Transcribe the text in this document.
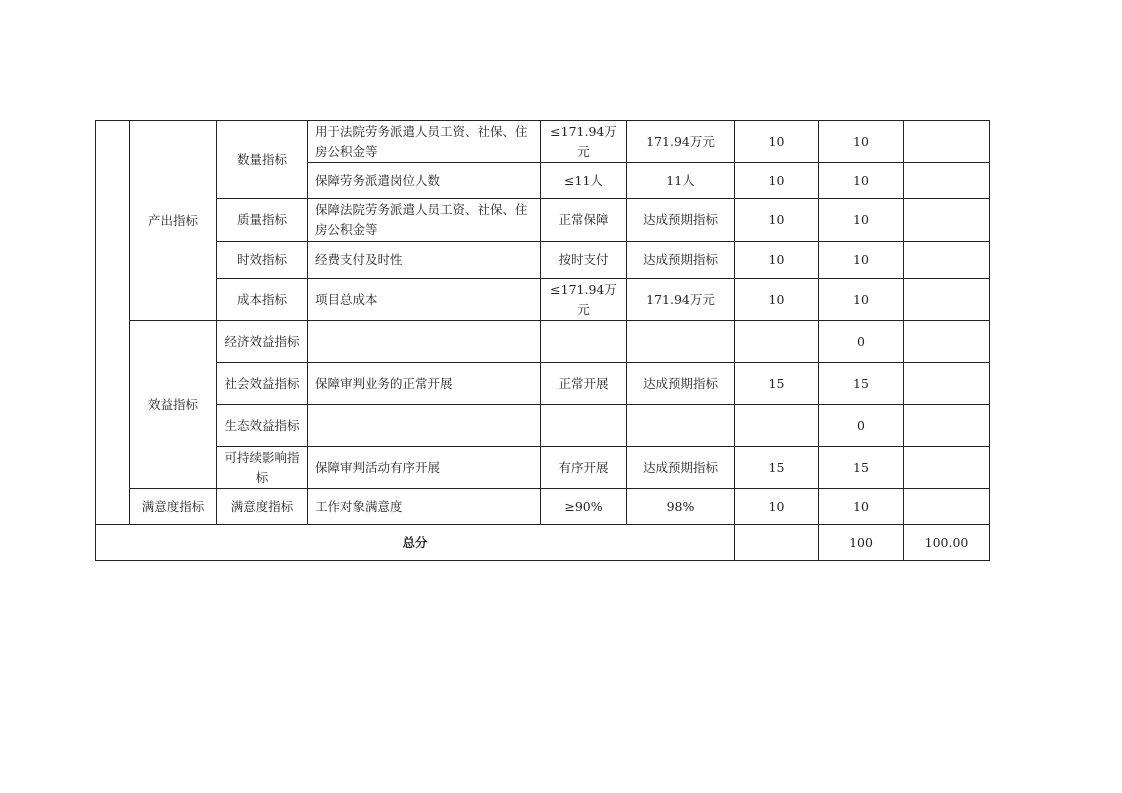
	产出指标	数量指标	用于法院劳务派遣人员工资、社保、住房公积金等	≤171.94万元	171.94万元	10	10		
			保障劳务派遣岗位人数	≤11人	11人	10	10		
		质量指标	保障法院劳务派遣人员工资、社保、住房公积金等	正常保障	达成预期指标	10	10		
		时效指标	经费支付及时性	按时支付	达成预期指标	10	10		
		成本指标	项目总成本	≤171.94万元	171.94万元	10	10		
	效益指标	经济效益指标					0		
		社会效益指标	保障审判业务的正常开展	正常开展	达成预期指标	15	15		
		生态效益指标					0		
		可持续影响指标	保障审判活动有序开展	有序开展	达成预期指标	15	15		
	满意度指标	满意度指标	工作对象满意度	≥90%	98%	10	10		
总分							100	100.00	
